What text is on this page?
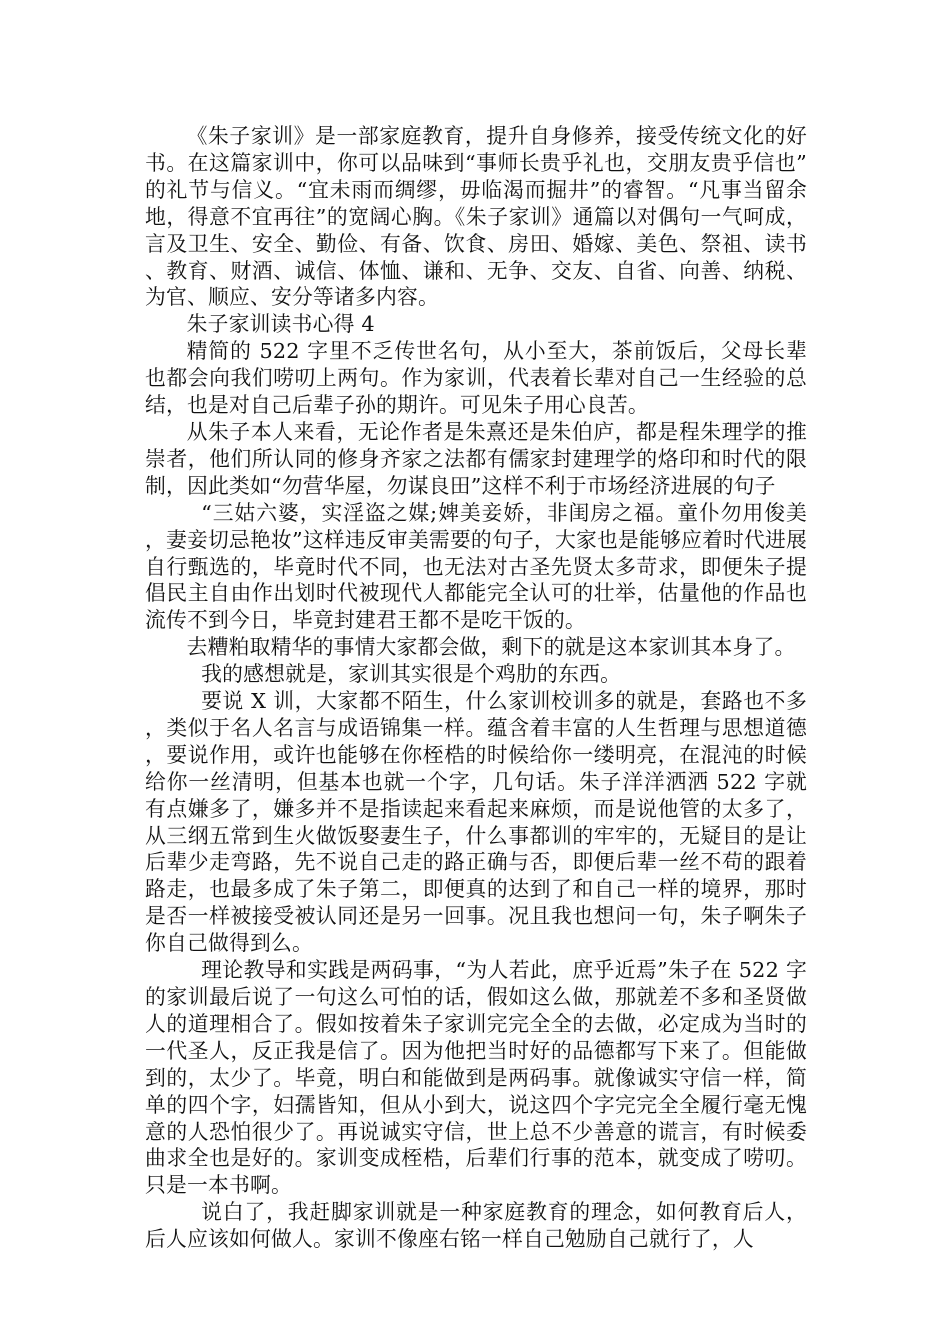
《朱子家训》是一部家庭教育，提升自身修养，接受传统文化的好书。在这篇家训中，你可以品味到“事师长贵乎礼也，交朋友贵乎信也”的礼节与信义。“宜未雨而绸缪，毋临渴而掘井”的睿智。“凡事当留余地，得意不宜再往”的宽阔心胸。《朱子家训》通篇以对偶句一气呵成，言及卫生、安全、勤俭、有备、饮食、房田、婚嫁、美色、祭祖、读书、教育、财酒、诚信、体恤、谦和、无争、交友、自省、向善、纳税、为官、顺应、安分等诸多内容。

朱子家训读书心得 4

精简的 522 字里不乏传世名句，从小至大，茶前饭后，父母长辈也都会向我们唠叨上两句。作为家训，代表着长辈对自己一生经验的总结，也是对自己后辈子孙的期许。可见朱子用心良苦。

从朱子本人来看，无论作者是朱熹还是朱伯庐，都是程朱理学的推崇者，他们所认同的修身齐家之法都有儒家封建理学的烙印和时代的限制，因此类如“勿营华屋，勿谋良田”这样不利于市场经济进展的句子

“三姑六婆，实淫盗之媒;婢美妾娇，非闺房之福。童仆勿用俊美，妻妾切忌艳妆”这样违反审美需要的句子，大家也是能够应着时代进展自行甄选的，毕竟时代不同，也无法对古圣先贤太多苛求，即便朱子提倡民主自由作出划时代被现代人都能完全认可的壮举，估量他的作品也流传不到今日，毕竟封建君王都不是吃干饭的。

去糟粕取精华的事情大家都会做，剩下的就是这本家训其本身了。

我的感想就是，家训其实很是个鸡肋的东西。

要说 X 训，大家都不陌生，什么家训校训多的就是，套路也不多，类似于名人名言与成语锦集一样。蕴含着丰富的人生哲理与思想道德，要说作用，或许也能够在你桎梏的时候给你一缕明亮，在混沌的时候给你一丝清明，但基本也就一个字，几句话。朱子洋洋洒洒 522 字就有点嫌多了，嫌多并不是指读起来看起来麻烦，而是说他管的太多了，从三纲五常到生火做饭娶妻生子，什么事都训的牢牢的，无疑目的是让后辈少走弯路，先不说自己走的路正确与否，即便后辈一丝不苟的跟着路走，也最多成了朱子第二，即便真的达到了和自己一样的境界，那时是否一样被接受被认同还是另一回事。况且我也想问一句，朱子啊朱子你自己做得到么。

理论教导和实践是两码事，“为人若此，庶乎近焉”朱子在 522 字的家训最后说了一句这么可怕的话，假如这么做，那就差不多和圣贤做人的道理相合了。假如按着朱子家训完完全全的去做，必定成为当时的一代圣人，反正我是信了。因为他把当时好的品德都写下来了。但能做到的，太少了。毕竟，明白和能做到是两码事。就像诚实守信一样，简单的四个字，妇孺皆知，但从小到大，说这四个字完完全全履行毫无愧意的人恐怕很少了。再说诚实守信，世上总不少善意的谎言，有时候委曲求全也是好的。家训变成桎梏，后辈们行事的范本，就变成了唠叨。只是一本书啊。

说白了，我赶脚家训就是一种家庭教育的理念，如何教育后人，后人应该如何做人。家训不像座右铭一样自己勉励自己就行了，人
